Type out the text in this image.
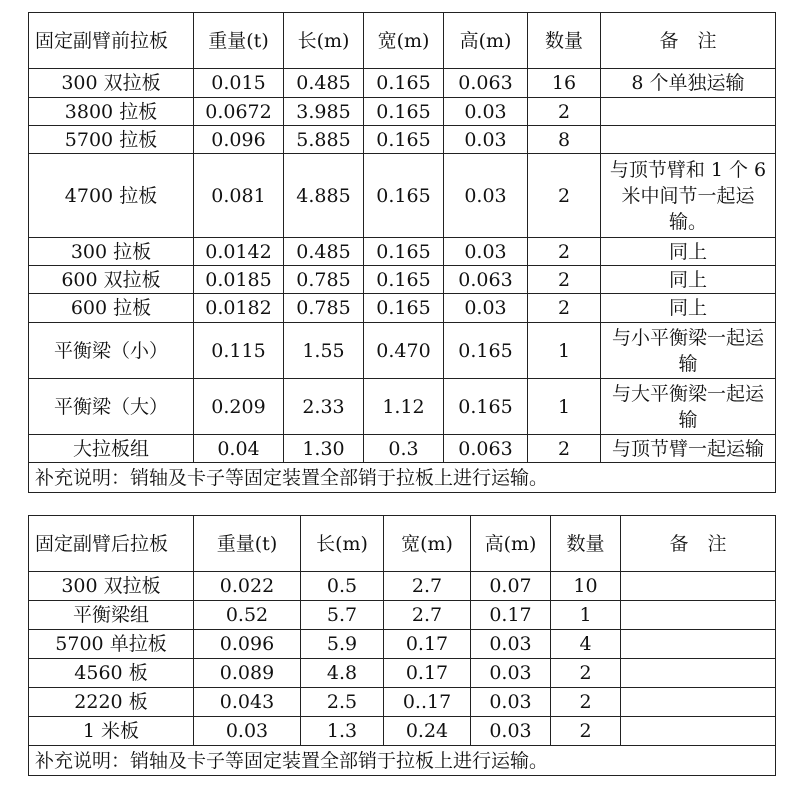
固定副臂前拉板	重量(t)	长(m)	宽(m)	高(m)	数量	备　注
300 双拉板	0.015	0.485	0.165	0.063	16	8 个单独运输
3800 拉板	0.0672	3.985	0.165	0.03	2	
5700 拉板	0.096	5.885	0.165	0.03	8	
4700 拉板	0.081	4.885	0.165	0.03	2	与顶节臂和 1 个 6 米中间节一起运输。
300 拉板	0.0142	0.485	0.165	0.03	2	同上
600 双拉板	0.0185	0.785	0.165	0.063	2	同上
600 拉板	0.0182	0.785	0.165	0.03	2	同上
平衡梁（小）	0.115	1.55	0.470	0.165	1	与小平衡梁一起运输
平衡梁（大）	0.209	2.33	1.12	0.165	1	与大平衡梁一起运输
大拉板组	0.04	1.30	0.3	0.063	2	与顶节臂一起运输
补充说明：销轴及卡子等固定装置全部销于拉板上进行运输。						
固定副臂后拉板	重量(t)	长(m)	宽(m)	高(m)	数量	备　注
300 双拉板	0.022	0.5	2.7	0.07	10	
平衡梁组	0.52	5.7	2.7	0.17	1	
5700 单拉板	0.096	5.9	0.17	0.03	4	
4560 板	0.089	4.8	0.17	0.03	2	
2220 板	0.043	2.5	0..17	0.03	2	
1 米板	0.03	1.3	0.24	0.03	2	
补充说明：销轴及卡子等固定装置全部销于拉板上进行运输。						
